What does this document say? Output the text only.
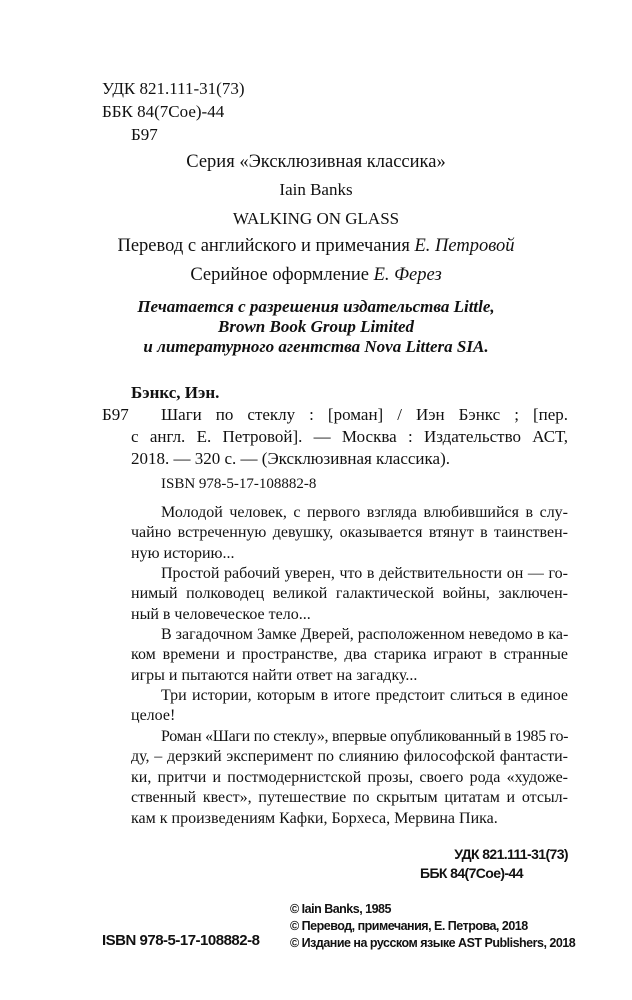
УДК 821.111-31(73)
ББК 84(7Сое)-44
Б97
Серия «Эксклюзивная классика»
Iain Banks
WALKING ON GLASS
Перевод с английского и примечания Е. Петровой
Серийное оформление Е. Ферез
Печатается с разрешения издательства Little,
Brown Book Group Limited
и литературного агентства Nova Littera SIA.
Бэнкс, Иэн.
Б97 Шаги по стеклу : [роман] / Иэн Бэнкс ; [пер.
с англ. Е. Петровой]. — Москва : Издательство АСТ,
2018. — 320 с. — (Эксклюзивная классика).
ISBN 978-5-17-108882-8
Молодой человек, с первого взгляда влюбившийся в слу-
чайно встреченную девушку, оказывается втянут в таинствен-
ную историю...
Простой рабочий уверен, что в действительности он — го-
нимый полководец великой галактической войны, заключен-
ный в человеческое тело...
В загадочном Замке Дверей, расположенном неведомо в ка-
ком времени и пространстве, два старика играют в странные
игры и пытаются найти ответ на загадку...
Три истории, которым в итоге предстоит слиться в единое
целое!
Роман «Шаги по стеклу», впервые опубликованный в 1985 го-
ду, – дерзкий эксперимент по слиянию философской фантасти-
ки, притчи и постмодернистской прозы, своего рода «художе-
ственный квест», путешествие по скрытым цитатам и отсыл-
кам к произведениям Кафки, Борхеса, Мервина Пика.
УДК 821.111-31(73)
ББК 84(7Сое)-44
© Iain Banks, 1985
© Перевод, примечания, Е. Петрова, 2018
© Издание на русском языке AST Publishers, 2018
ISBN 978-5-17-108882-8
